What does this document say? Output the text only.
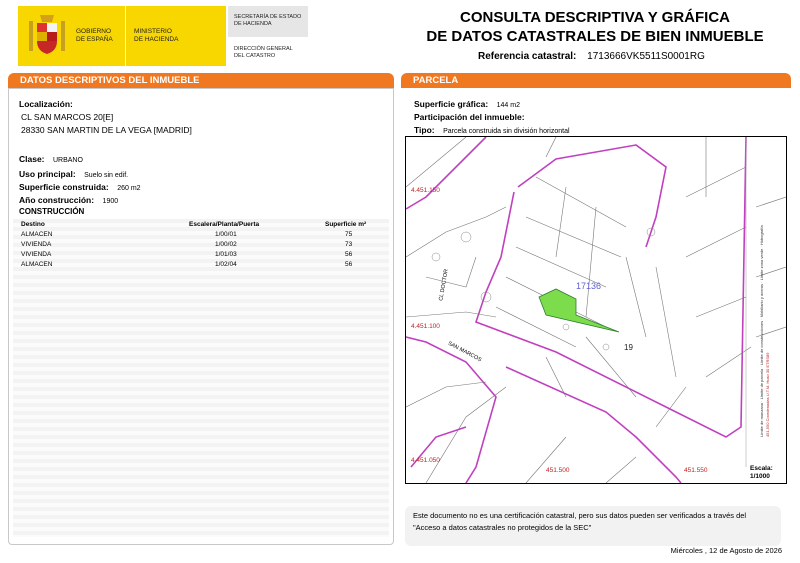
GOBIERNO
DE ESPAÑA
MINISTERIO
DE HACIENDA
SECRETARÍA DE ESTADO
DE HACIENDA
DIRECCIÓN GENERAL
DEL CATASTRO
CONSULTA DESCRIPTIVA Y GRÁFICA
DE DATOS CATASTRALES DE BIEN INMUEBLE
Referencia catastral: 1713666VK5511S0001RG
DATOS DESCRIPTIVOS DEL INMUEBLE
Localización:
CL SAN MARCOS 20[E]
28330 SAN MARTIN DE LA VEGA [MADRID]
Clase: URBANO
Uso principal: Suelo sin edif.
Superficie construida: 260 m2
Año construcción: 1900
CONSTRUCCIÓN
Destino	Escalera/Planta/Puerta	Superficie m²
ALMACEN	1/00/01	75
VIVIENDA	1/00/02	73
VIVIENDA	1/01/03	56
ALMACEN	1/02/04	56
PARCELA
Superficie gráfica: 144 m2
Participación del inmueble:
Tipo: Parcela construida sin división horizontal
4.451.150
4.451.100
4.451.050
451.500	451.550
17136
19
SAN MARCOS
CL DOCTOR
Límite de manzana · Límite de parcela · Límite de construcciones · Mobiliario y aceras · Límite zona verde · Hidrografía
451,550 Coordenadas U.T.M. Huso 30 ETRS89
Escala:
1/1000
Este documento no es una certificación catastral, pero sus datos pueden ser verificados a través del "Acceso a datos catastrales no protegidos de la SEC"
Miércoles , 12 de Agosto de 2026
